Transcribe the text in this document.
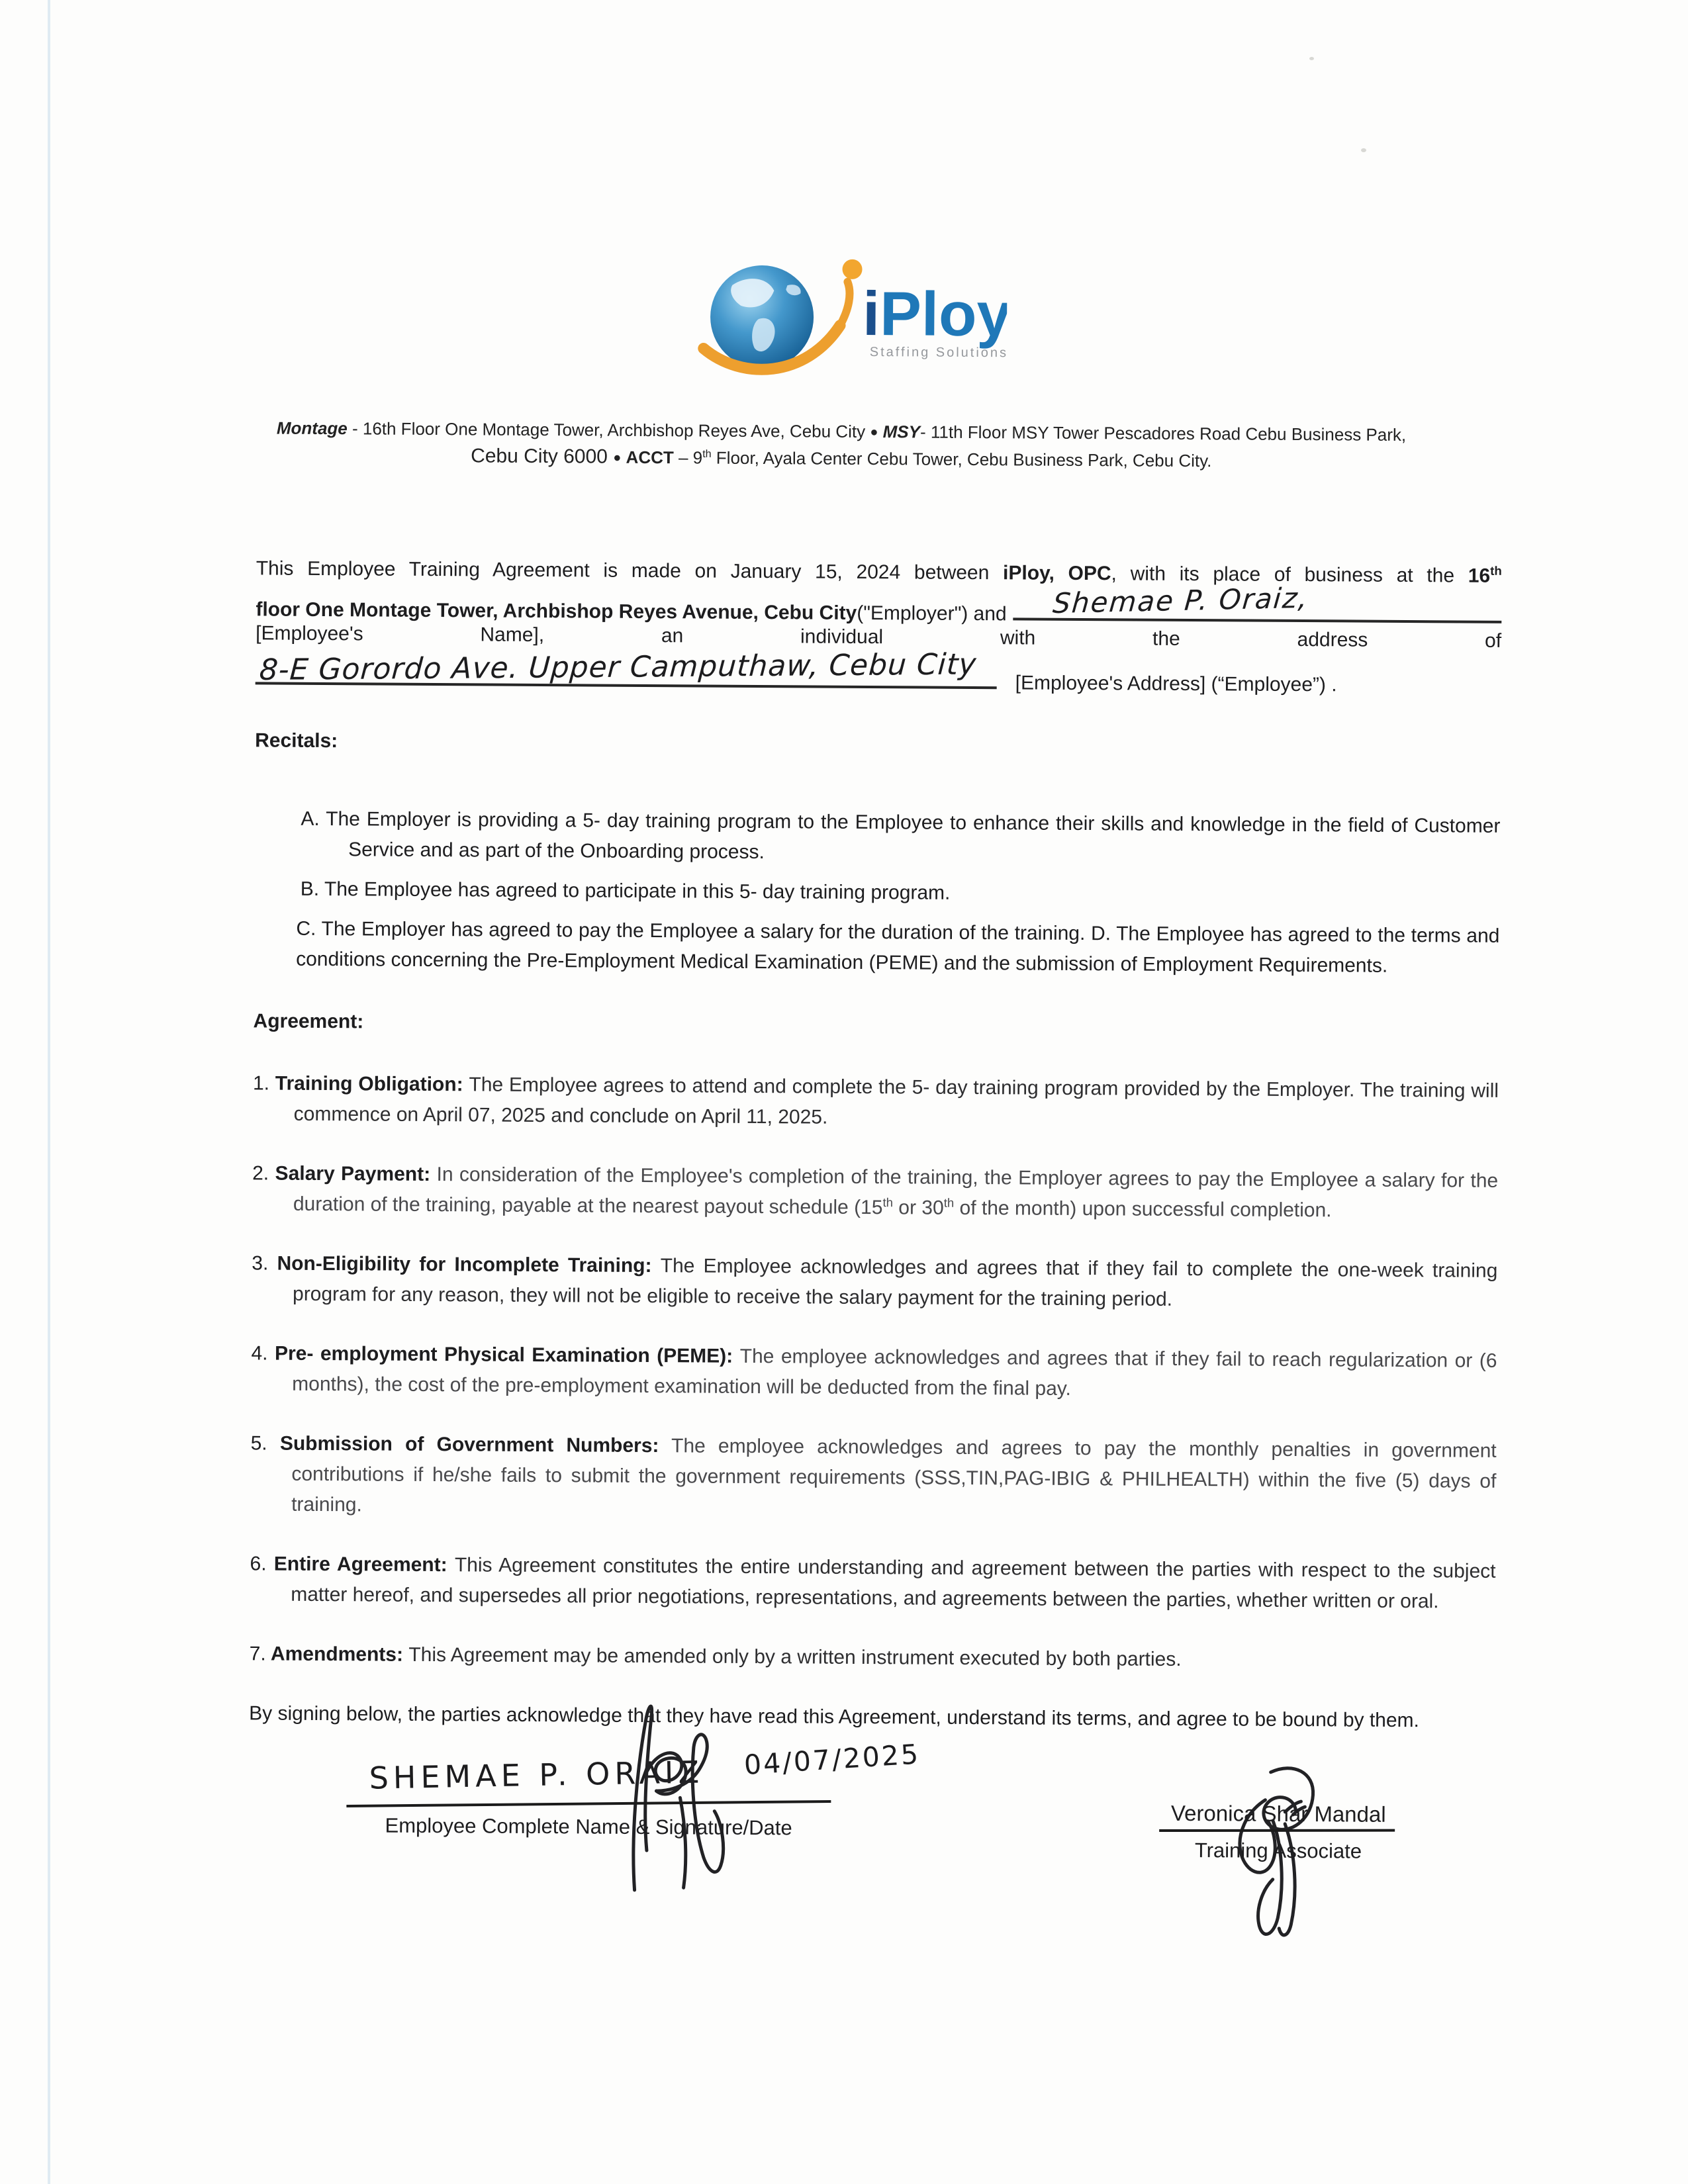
iPloy
Staffing Solutions
Montage - 16th Floor One Montage Tower, Archbishop Reyes Ave, Cebu City ● MSY- 11th Floor MSY Tower Pescadores Road Cebu Business Park, Cebu City 6000 ● ACCT – 9th Floor, Ayala Center Cebu Tower, Cebu Business Park, Cebu City.
This Employee Training Agreement is made on January 15, 2024 between iPloy, OPC, with its place of business at the 16th
floor One Montage Tower, Archbishop Reyes Avenue, Cebu City ("Employer") and Shemae P. Oraiz,
[Employee's Name], an individual with the address of
8-E Gorordo Ave. Upper Camputhaw, Cebu City [Employee's Address] (“Employee”) .
Recitals:
A. The Employer is providing a 5- day training program to the Employee to enhance their skills and knowledge in the field of Customer Service and as part of the Onboarding process.
B. The Employee has agreed to participate in this 5- day training program.
C. The Employer has agreed to pay the Employee a salary for the duration of the training. D. The Employee has agreed to the terms and conditions concerning the Pre-Employment Medical Examination (PEME) and the submission of Employment Requirements.
Agreement:
1. Training Obligation: The Employee agrees to attend and complete the 5- day training program provided by the Employer. The training will commence on April 07, 2025 and conclude on April 11, 2025.
2. Salary Payment: In consideration of the Employee's completion of the training, the Employer agrees to pay the Employee a salary for the duration of the training, payable at the nearest payout schedule (15th or 30th of the month) upon successful completion.
3. Non-Eligibility for Incomplete Training: The Employee acknowledges and agrees that if they fail to complete the one-week training program for any reason, they will not be eligible to receive the salary payment for the training period.
4. Pre- employment Physical Examination (PEME): The employee acknowledges and agrees that if they fail to reach regularization or (6 months), the cost of the pre-employment examination will be deducted from the final pay.
5. Submission of Government Numbers: The employee acknowledges and agrees to pay the monthly penalties in government contributions if he/she fails to submit the government requirements (SSS,TIN,PAG-IBIG & PHILHEALTH) within the five (5) days of training.
6. Entire Agreement: This Agreement constitutes the entire understanding and agreement between the parties with respect to the subject matter hereof, and supersedes all prior negotiations, representations, and agreements between the parties, whether written or oral.
7. Amendments: This Agreement may be amended only by a written instrument executed by both parties.
By signing below, the parties acknowledge that they have read this Agreement, understand its terms, and agree to be bound by them.
SHEMAE P. ORAIZ 04/07/2025
Employee Complete Name & Signature/Date
Veronica Shar Mandal
Training Associate
